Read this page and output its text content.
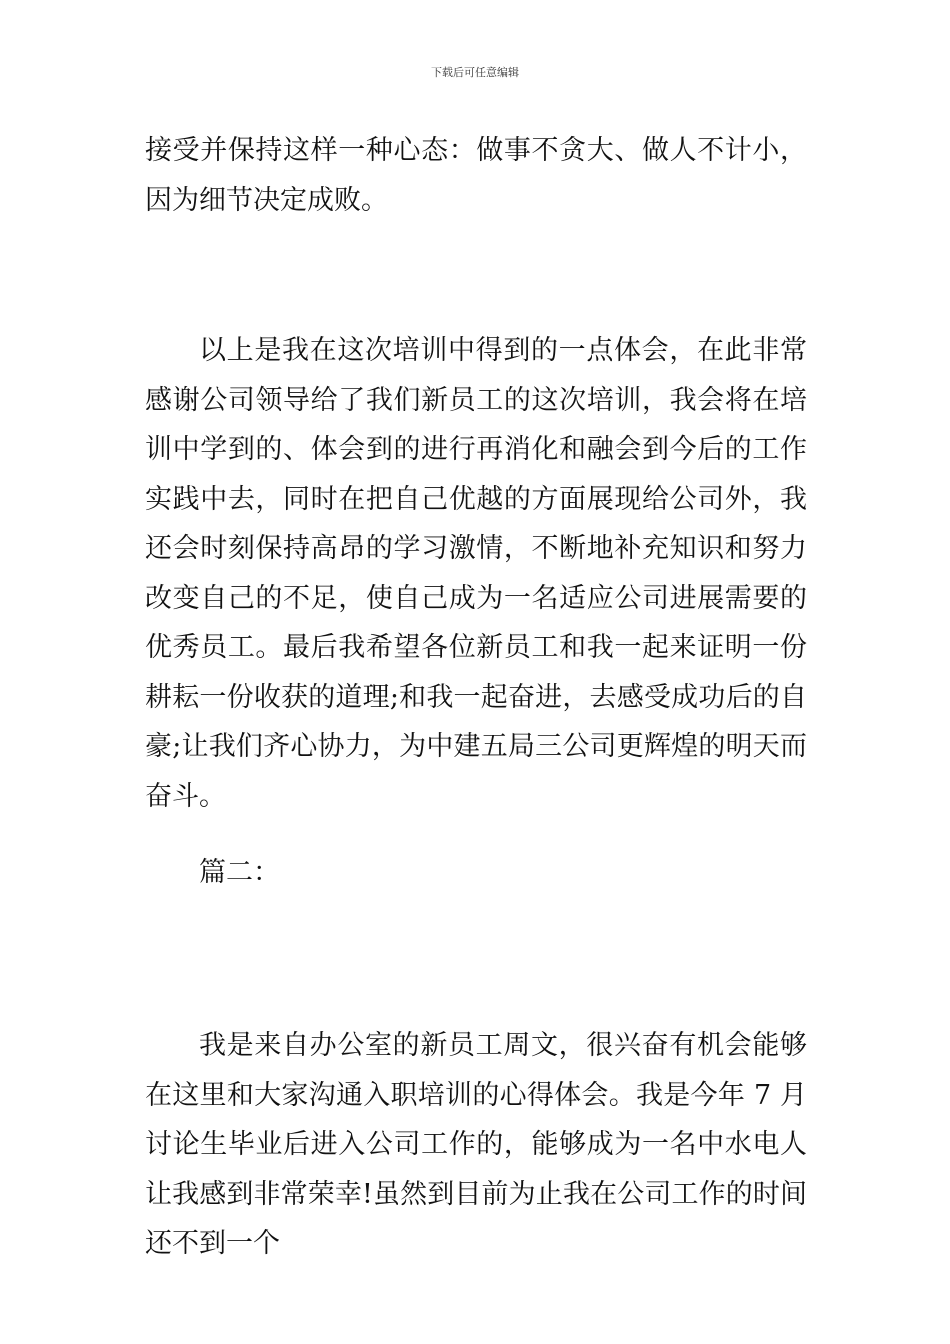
下载后可任意编辑

接受并保持这样一种心态：做事不贪大、做人不计小，因为细节决定成败。

以上是我在这次培训中得到的一点体会，在此非常感谢公司领导给了我们新员工的这次培训，我会将在培训中学到的、体会到的进行再消化和融会到今后的工作实践中去，同时在把自己优越的方面展现给公司外，我还会时刻保持高昂的学习激情，不断地补充知识和努力改变自己的不足，使自己成为一名适应公司进展需要的优秀员工。最后我希望各位新员工和我一起来证明一份耕耘一份收获的道理;和我一起奋进，去感受成功后的自豪;让我们齐心协力，为中建五局三公司更辉煌的明天而奋斗。

篇二：

我是来自办公室的新员工周文，很兴奋有机会能够在这里和大家沟通入职培训的心得体会。我是今年 7 月讨论生毕业后进入公司工作的，能够成为一名中水电人让我感到非常荣幸!虽然到目前为止我在公司工作的时间还不到一个
